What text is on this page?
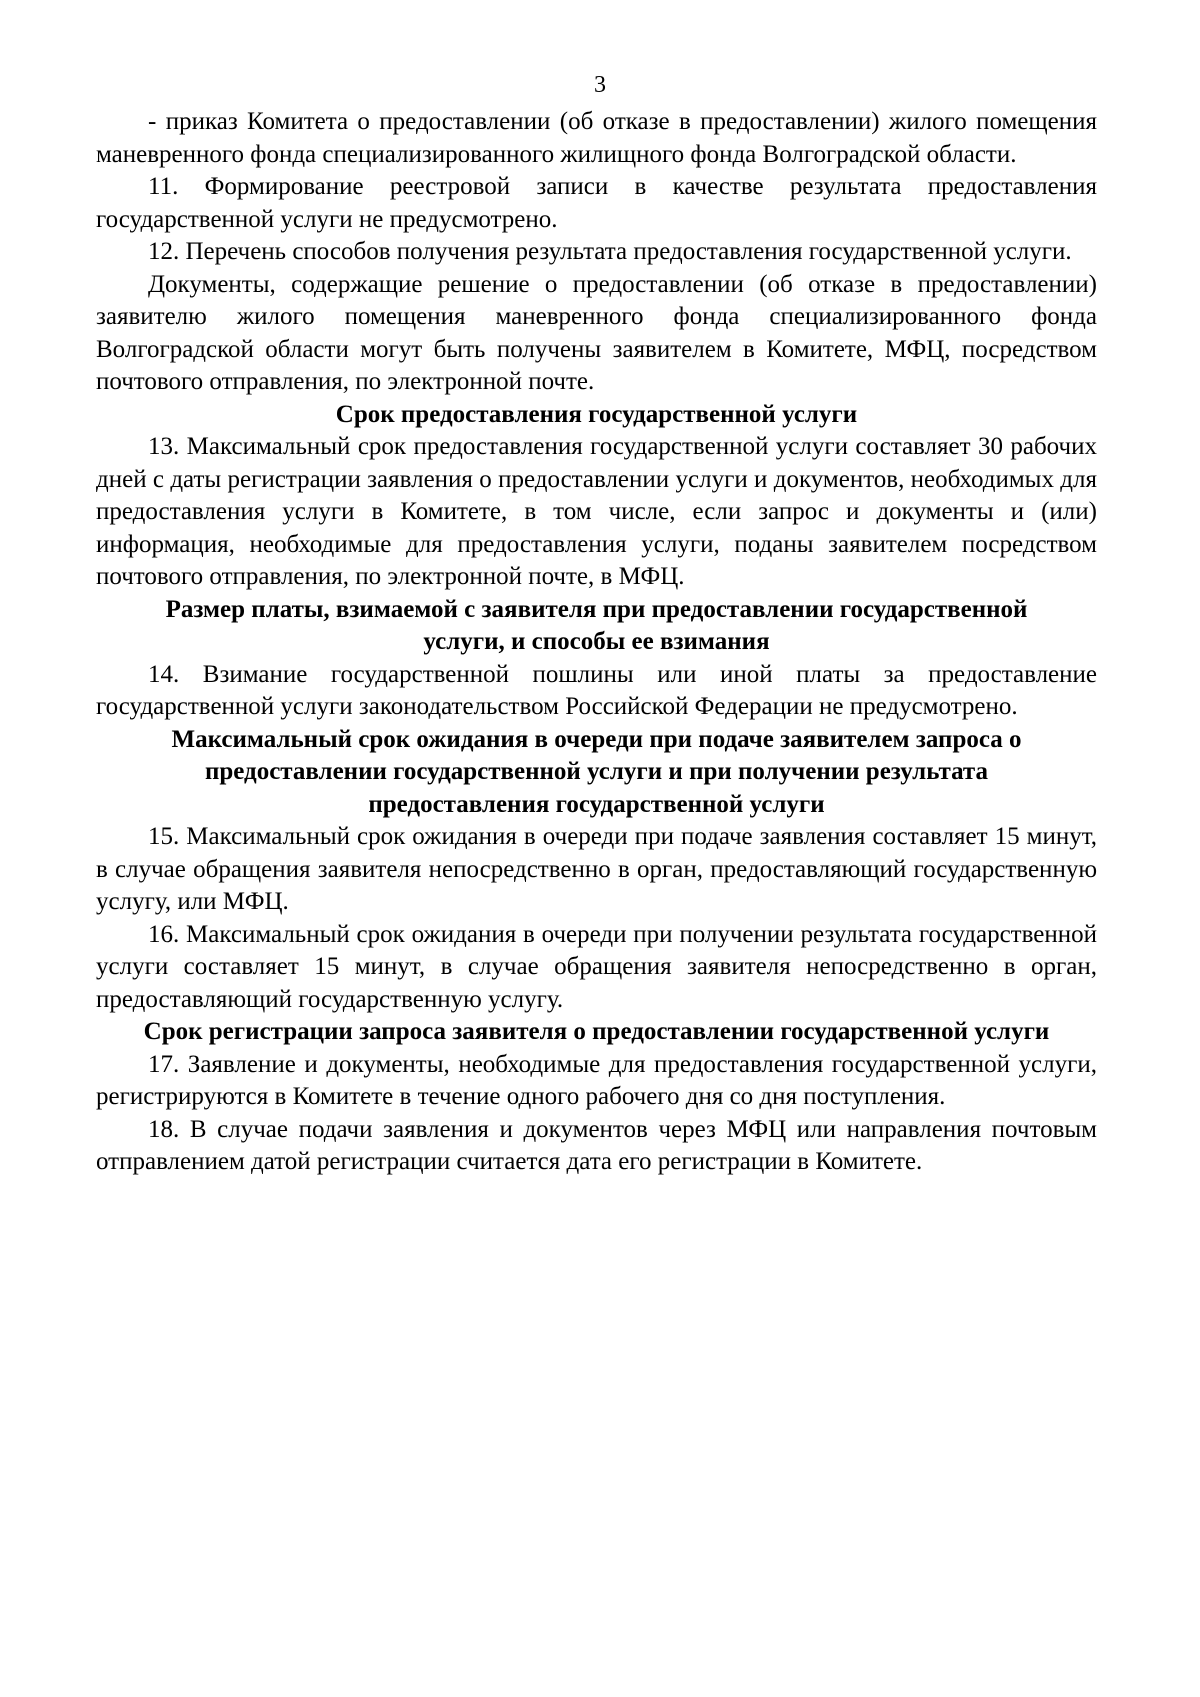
3

- приказ Комитета о предоставлении (об отказе в предоставлении) жилого помещения маневренного фонда специализированного жилищного фонда Волгоградской области.

11. Формирование реестровой записи в качестве результата предоставления государственной услуги не предусмотрено.

12. Перечень способов получения результата предоставления государственной услуги.

Документы, содержащие решение о предоставлении (об отказе в предоставлении) заявителю жилого помещения маневренного фонда специализированного фонда Волгоградской области могут быть получены заявителем в Комитете, МФЦ, посредством почтового отправления, по электронной почте.

Срок предоставления государственной услуги

13. Максимальный срок предоставления государственной услуги составляет 30 рабочих дней с даты регистрации заявления о предоставлении услуги и документов, необходимых для предоставления услуги в Комитете, в том числе, если запрос и документы и (или) информация, необходимые для предоставления услуги, поданы заявителем посредством почтового отправления, по электронной почте, в МФЦ.

Размер платы, взимаемой с заявителя при предоставлении государственной услуги, и способы ее взимания

14. Взимание государственной пошлины или иной платы за предоставление государственной услуги законодательством Российской Федерации не предусмотрено.

Максимальный срок ожидания в очереди при подаче заявителем запроса о предоставлении государственной услуги и при получении результата предоставления государственной услуги

15. Максимальный срок ожидания в очереди при подаче заявления составляет 15 минут, в случае обращения заявителя непосредственно в орган, предоставляющий государственную услугу, или МФЦ.

16. Максимальный срок ожидания в очереди при получении результата государственной услуги составляет 15 минут, в случае обращения заявителя непосредственно в орган, предоставляющий государственную услугу.

Срок регистрации запроса заявителя о предоставлении государственной услуги

17. Заявление и документы, необходимые для предоставления государственной услуги, регистрируются в Комитете в течение одного рабочего дня со дня поступления.

18. В случае подачи заявления и документов через МФЦ или направления почтовым отправлением датой регистрации считается дата его регистрации в Комитете.
